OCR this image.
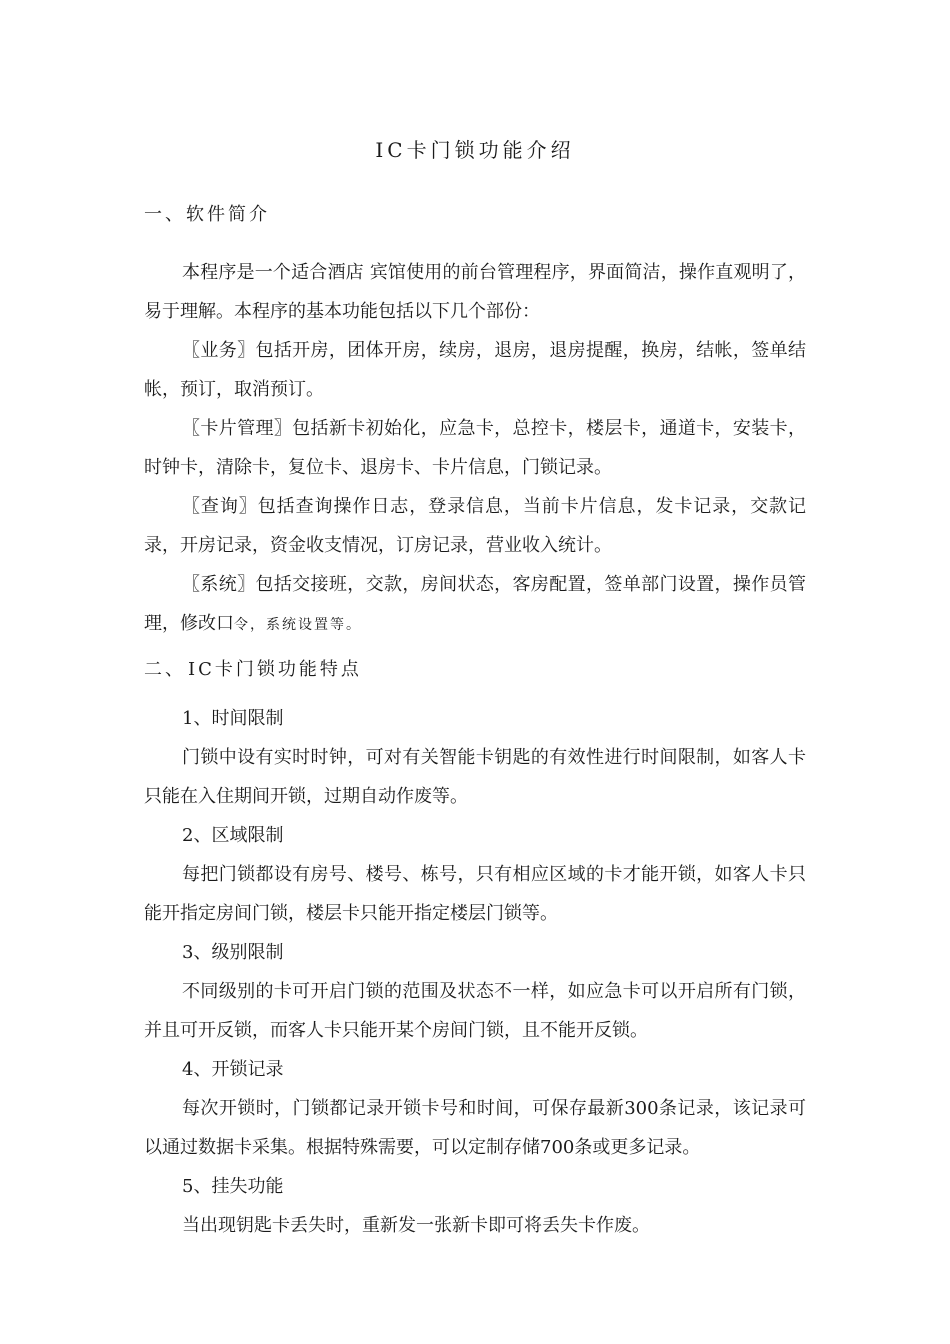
IC卡门锁功能介绍
一、软件简介

本程序是一个适合酒店 宾馆使用的前台管理程序，界面简洁，操作直观明了，易于理解。本程序的基本功能包括以下几个部份：

〖业务〗包括开房，团体开房，续房，退房，退房提醒，换房，结帐，签单结帐，预订，取消预订。

〖卡片管理〗包括新卡初始化，应急卡，总控卡，楼层卡，通道卡，安装卡，时钟卡，清除卡，复位卡、退房卡、卡片信息，门锁记录。

〖查询〗包括查询操作日志，登录信息，当前卡片信息，发卡记录，交款记录，开房记录，资金收支情况，订房记录，营业收入统计。

〖系统〗包括交接班，交款，房间状态，客房配置，签单部门设置，操作员管理，修改口令，系统设置等。

二、 IC卡门锁功能特点

1、时间限制

门锁中设有实时时钟，可对有关智能卡钥匙的有效性进行时间限制，如客人卡只能在入住期间开锁，过期自动作废等。

2、区域限制

每把门锁都设有房号、楼号、栋号，只有相应区域的卡才能开锁，如客人卡只能开指定房间门锁，楼层卡只能开指定楼层门锁等。

3、级别限制

不同级别的卡可开启门锁的范围及状态不一样，如应急卡可以开启所有门锁，并且可开反锁，而客人卡只能开某个房间门锁，且不能开反锁。

4、开锁记录

每次开锁时，门锁都记录开锁卡号和时间，可保存最新300条记录，该记录可以通过数据卡采集。根据特殊需要，可以定制存储700条或更多记录。

5、挂失功能

当出现钥匙卡丢失时，重新发一张新卡即可将丢失卡作废。
